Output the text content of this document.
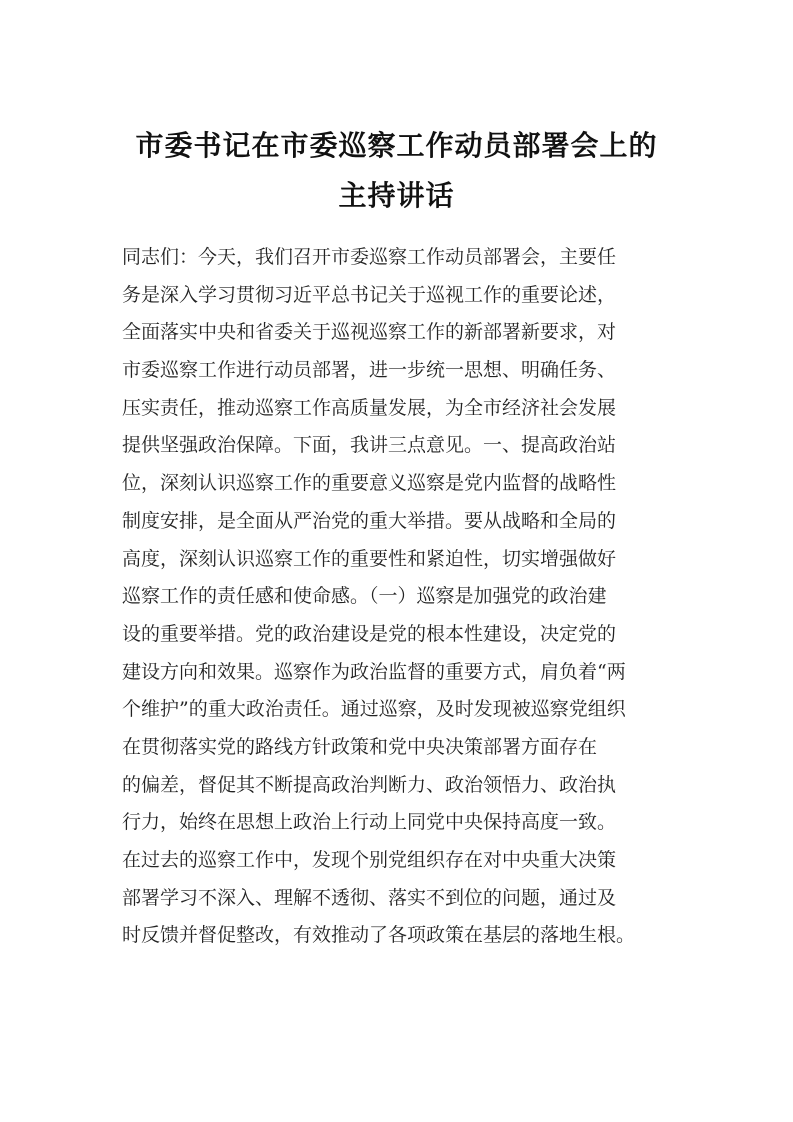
市委书记在市委巡察工作动员部署会上的
主持讲话
同志们：今天，我们召开市委巡察工作动员部署会，主要任
务是深入学习贯彻习近平总书记关于巡视工作的重要论述，
全面落实中央和省委关于巡视巡察工作的新部署新要求，对
市委巡察工作进行动员部署，进一步统一思想、明确任务、
压实责任，推动巡察工作高质量发展，为全市经济社会发展
提供坚强政治保障。下面，我讲三点意见。一、提高政治站
位，深刻认识巡察工作的重要意义巡察是党内监督的战略性
制度安排，是全面从严治党的重大举措。要从战略和全局的
高度，深刻认识巡察工作的重要性和紧迫性，切实增强做好
巡察工作的责任感和使命感。（一）巡察是加强党的政治建
设的重要举措。党的政治建设是党的根本性建设，决定党的
建设方向和效果。巡察作为政治监督的重要方式，肩负着“两
个维护”的重大政治责任。通过巡察，及时发现被巡察党组织
在贯彻落实党的路线方针政策和党中央决策部署方面存在
的偏差，督促其不断提高政治判断力、政治领悟力、政治执
行力，始终在思想上政治上行动上同党中央保持高度一致。
在过去的巡察工作中，发现个别党组织存在对中央重大决策
部署学习不深入、理解不透彻、落实不到位的问题，通过及
时反馈并督促整改，有效推动了各项政策在基层的落地生根。
